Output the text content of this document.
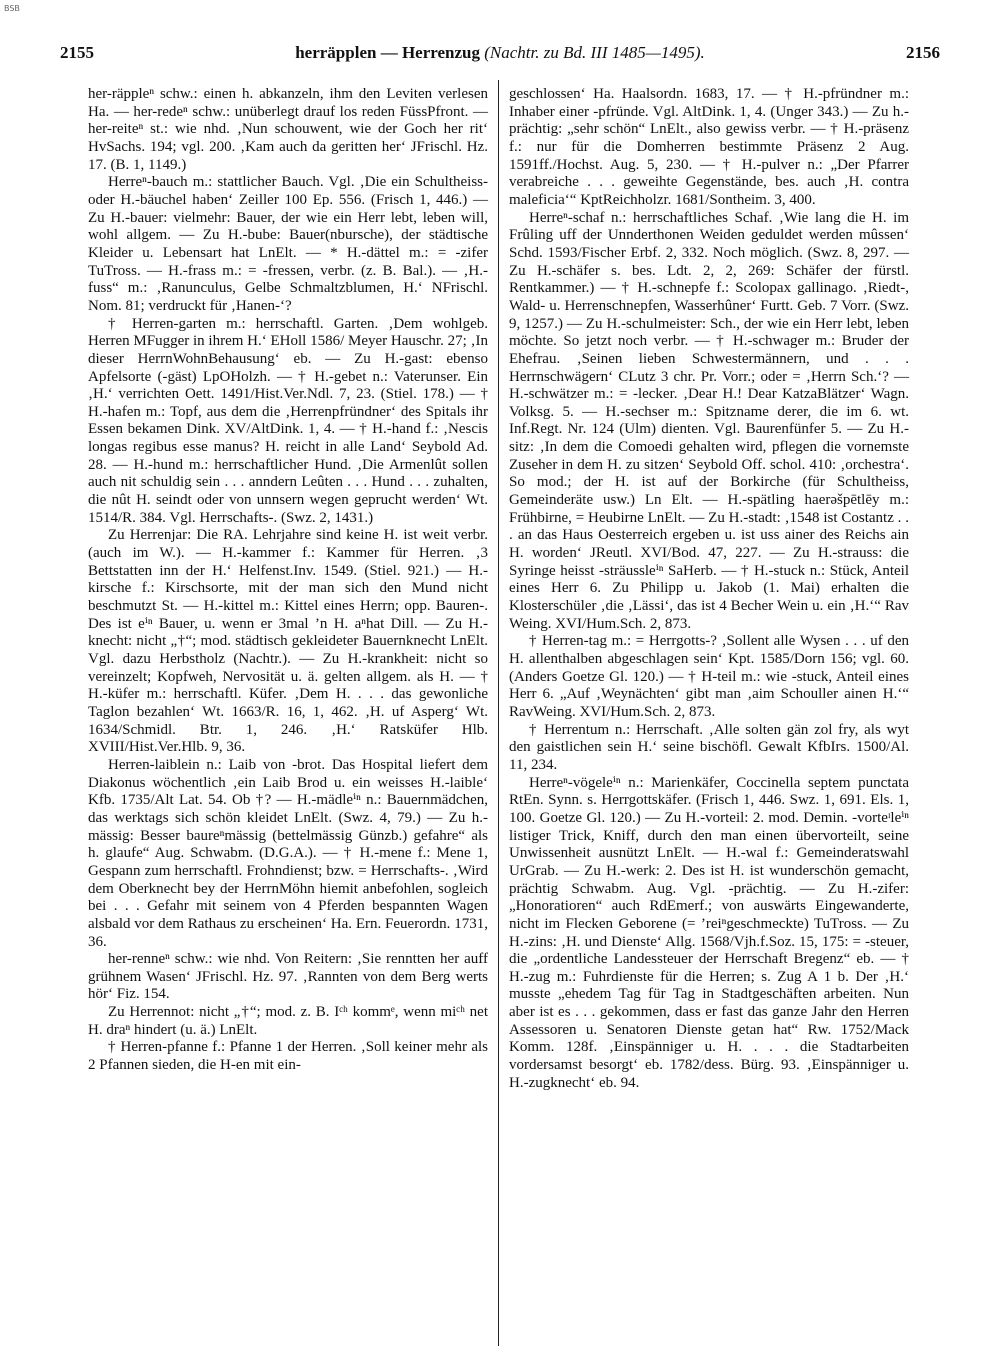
BSB
2155	herräpplen — Herrenzug (Nachtr. zu Bd. III 1485—1495).	2156

her-räppleⁿ schw.: einen h. abkanzeln, ihm den Leviten verlesen Ha. — her-redeⁿ schw.: unüberlegt drauf los reden FüssPfront. — her-reiteⁿ st.: wie nhd. ‚Nun schouwent, wie der Goch her rit‘ HvSachs. 194; vgl. 200. ‚Kam auch da geritten her‘ JFrischl. Hz. 17. (B. 1, 1149.)

Herreⁿ-bauch m.: stattlicher Bauch. Vgl. ‚Die ein Schultheiss- oder H.-bäuchel haben‘ Zeiller 100 Ep. 556. (Frisch 1, 446.) — Zu H.-bauer: vielmehr: Bauer, der wie ein Herr lebt, leben will, wohl allgem. — Zu H.-bube: Bauer(nbursche), der städtische Kleider u. Lebensart hat LnElt. — * H.-dättel m.: = -zifer TuTross. — H.-frass m.: = -fressen, verbr. (z. B. Bal.). — ‚H.-fuss“ m.: ‚Ranunculus, Gelbe Schmaltzblumen, H.‘ NFrischl. Nom. 81; verdruckt für ‚Hanen-‘?

† Herren-garten m.: herrschaftl. Garten. ‚Dem wohlgeb. Herren MFugger in ihrem H.‘ EHoll 1586/ Meyer Hauschr. 27; ‚In dieser HerrnWohnBehausung‘ eb. — Zu H.-gast: ebenso Apfelsorte (-gäst) LpOHolzh. — † H.-gebet n.: Vaterunser. Ein ‚H.‘ verrichten Oett. 1491/Hist.Ver.Ndl. 7, 23. (Stiel. 178.) — † H.-hafen m.: Topf, aus dem die ‚Herrenpfründner‘ des Spitals ihr Essen bekamen Dink. XV/AltDink. 1, 4. — † H.-hand f.: ‚Nescis longas regibus esse manus? H. reicht in alle Land‘ Seybold Ad. 28. — H.-hund m.: herrschaftlicher Hund. ‚Die Armenlût sollen auch nit schuldig sein . . . anndern Leûten . . . Hund . . . zuhalten, die nût H. seindt oder von unnsern wegen geprucht werden‘ Wt. 1514/R. 384. Vgl. Herrschafts-. (Swz. 2, 1431.)

Zu Herrenjar: Die RA. Lehrjahre sind keine H. ist weit verbr. (auch im W.). — H.-kammer f.: Kammer für Herren. ‚3 Bettstatten inn der H.‘ Helfenst.Inv. 1549. (Stiel. 921.) — H.-kirsche f.: Kirschsorte, mit der man sich den Mund nicht beschmutzt St. — H.-kittel m.: Kittel eines Herrn; opp. Bauren-. Des ist eⁱⁿ Bauer, u. wenn er 3mal ’n H. aⁿhat Dill. — Zu H.-knecht: nicht „†“; mod. städtisch gekleideter Bauernknecht LnElt. Vgl. dazu Herbstholz (Nachtr.). — Zu H.-krankheit: nicht so vereinzelt; Kopfweh, Nervosität u. ä. gelten allgem. als H. — † H.-küfer m.: herrschaftl. Küfer. ‚Dem H. . . . das gewonliche Taglon bezahlen‘ Wt. 1663/R. 16, 1, 462. ‚H. uf Asperg‘ Wt. 1634/Schmidl. Btr. 1, 246. ‚H.‘ Ratsküfer Hlb. XVIII/Hist.Ver.Hlb. 9, 36.

Herren-laiblein n.: Laib von -brot. Das Hospital liefert dem Diakonus wöchentlich ‚ein Laib Brod u. ein weisses H.-laible‘ Kfb. 1735/Alt Lat. 54. Ob †? — H.-mädleⁱⁿ n.: Bauernmädchen, das werktags sich schön kleidet LnElt. (Swz. 4, 79.) — Zu h.-mässig: Besser baureⁿmässig (bettelmässig Günzb.) gefahre“ als h. glaufe“ Aug. Schwabm. (D.G.A.). — † H.-mene f.: Mene 1, Gespann zum herrschaftl. Frohndienst; bzw. = Herrschafts-. ‚Wird dem Oberknecht bey der HerrnMöhn hiemit anbefohlen, sogleich bei . . . Gefahr mit seinem von 4 Pferden bespannten Wagen alsbald vor dem Rathaus zu erscheinen‘ Ha. Ern. Feuerordn. 1731, 36.

her-renneⁿ schw.: wie nhd. Von Reitern: ‚Sie renntten her auff grühnem Wasen‘ JFrischl. Hz. 97. ‚Rannten von dem Berg werts hör‘ Fiz. 154.

Zu Herrennot: nicht „†“; mod. z. B. Iᶜʰ kommᵉ, wenn miᶜʰ net H. draⁿ hindert (u. ä.) LnElt.

† Herren-pfanne f.: Pfanne 1 der Herren. ‚Soll keiner mehr als 2 Pfannen sieden, die H-en mit ein-

geschlossen‘ Ha. Haalsordn. 1683, 17. — † H.-pfründner m.: Inhaber einer -pfründe. Vgl. AltDink. 1, 4. (Unger 343.) — Zu h.-prächtig: „sehr schön“ LnElt., also gewiss verbr. — † H.-präsenz f.: nur für die Domherren bestimmte Präsenz 2 Aug. 1591ff./Hochst. Aug. 5, 230. — † H.-pulver n.: „Der Pfarrer verabreiche . . . geweihte Gegenstände, bes. auch ‚H. contra maleficia‘“ KptReichholzr. 1681/Sontheim. 3, 400.

Herreⁿ-schaf n.: herrschaftliches Schaf. ‚Wie lang die H. im Frûling uff der Unnderthonen Weiden geduldet werden mûssen‘ Schd. 1593/Fischer Erbf. 2, 332. Noch möglich. (Swz. 8, 297. — Zu H.-schäfer s. bes. Ldt. 2, 2, 269: Schäfer der fürstl. Rentkammer.) — † H.-schnepfe f.: Scolopax gallinago. ‚Riedt-, Wald- u. Herrenschnepfen, Wasserhûner‘ Furtt. Geb. 7 Vorr. (Swz. 9, 1257.) — Zu H.-schulmeister: Sch., der wie ein Herr lebt, leben möchte. So jetzt noch verbr. — † H.-schwager m.: Bruder der Ehefrau. ‚Seinen lieben Schwestermännern, und . . . Herrnschwägern‘ CLutz 3 chr. Pr. Vorr.; oder = ‚Herrn Sch.‘? — H.-schwätzer m.: = -lecker. ‚Dear H.! Dear KatzaBlätzer‘ Wagn. Volksg. 5. — H.-sechser m.: Spitzname derer, die im 6. wt. Inf.Regt. Nr. 124 (Ulm) dienten. Vgl. Baurenfünfer 5. — Zu H.-sitz: ‚In dem die Comoedi gehalten wird, pflegen die vornemste Zuseher in dem H. zu sitzen‘ Seybold Off. schol. 410: ‚orchestra‘. So mod.; der H. ist auf der Borkirche (für Schultheiss, Gemeinderäte usw.) Ln Elt. — H.-spätling haerəšpētlēy m.: Frühbirne, = Heubirne LnElt. — Zu H.-stadt: ‚1548 ist Costantz . . . an das Haus Oesterreich ergeben u. ist uss ainer des Reichs ain H. worden‘ JReutl. XVI/Bod. 47, 227. — Zu H.-strauss: die Syringe heisst -sträussleⁱⁿ SaHerb. — † H.-stuck n.: Stück, Anteil eines Herr 6. Zu Philipp u. Jakob (1. Mai) erhalten die Klosterschüler ‚die ‚Lässi‘, das ist 4 Becher Wein u. ein ‚H.‘“ Rav Weing. XVI/Hum.Sch. 2, 873.

† Herren-tag m.: = Herrgotts-? ‚Sollent alle Wysen . . . uf den H. allenthalben abgeschlagen sein‘ Kpt. 1585/Dorn 156; vgl. 60. (Anders Goetze Gl. 120.) — † H-teil m.: wie -stuck, Anteil eines Herr 6. „Auf ‚Weynächten‘ gibt man ‚aim Schouller ainen H.‘“ RavWeing. XVI/Hum.Sch. 2, 873.

† Herrentum n.: Herrschaft. ‚Alle solten gän zol fry, als wyt den gaistlichen sein H.‘ seine bischöfl. Gewalt KfbIrs. 1500/Al. 11, 234.

Herreⁿ-vögeleⁱⁿ n.: Marienkäfer, Coccinella septem punctata RtEn. Synn. s. Herrgottskäfer. (Frisch 1, 446. Swz. 1, 691. Els. 1, 100. Goetze Gl. 120.) — Zu H.-vorteil: 2. mod. Demin. -vorteᶦleⁱⁿ listiger Trick, Kniff, durch den man einen übervorteilt, seine Unwissenheit ausnützt LnElt. — H.-wal f.: Gemeinderatswahl UrGrab. — Zu H.-werk: 2. Des ist H. ist wunderschön gemacht, prächtig Schwabm. Aug. Vgl. -prächtig. — Zu H.-zifer: „Honoratioren“ auch RdEmerf.; von auswärts Eingewanderte, nicht im Flecken Geborene (= ’reiⁿgeschmeckte) TuTross. — Zu H.-zins: ‚H. und Dienste‘ Allg. 1568/Vjh.f.Soz. 15, 175: = -steuer, die „ordentliche Landessteuer der Herrschaft Bregenz“ eb. — † H.-zug m.: Fuhrdienste für die Herren; s. Zug A 1 b. Der ‚H.‘ musste „ehedem Tag für Tag in Stadtgeschäften arbeiten. Nun aber ist es . . . gekommen, dass er fast das ganze Jahr den Herren Assessoren u. Senatoren Dienste getan hat“ Rw. 1752/Mack Komm. 128f. ‚Einspänniger u. H. . . . die Stadtarbeiten vordersamst besorgt‘ eb. 1782/dess. Bürg. 93. ‚Einspänniger u. H.-zugknecht‘ eb. 94.
